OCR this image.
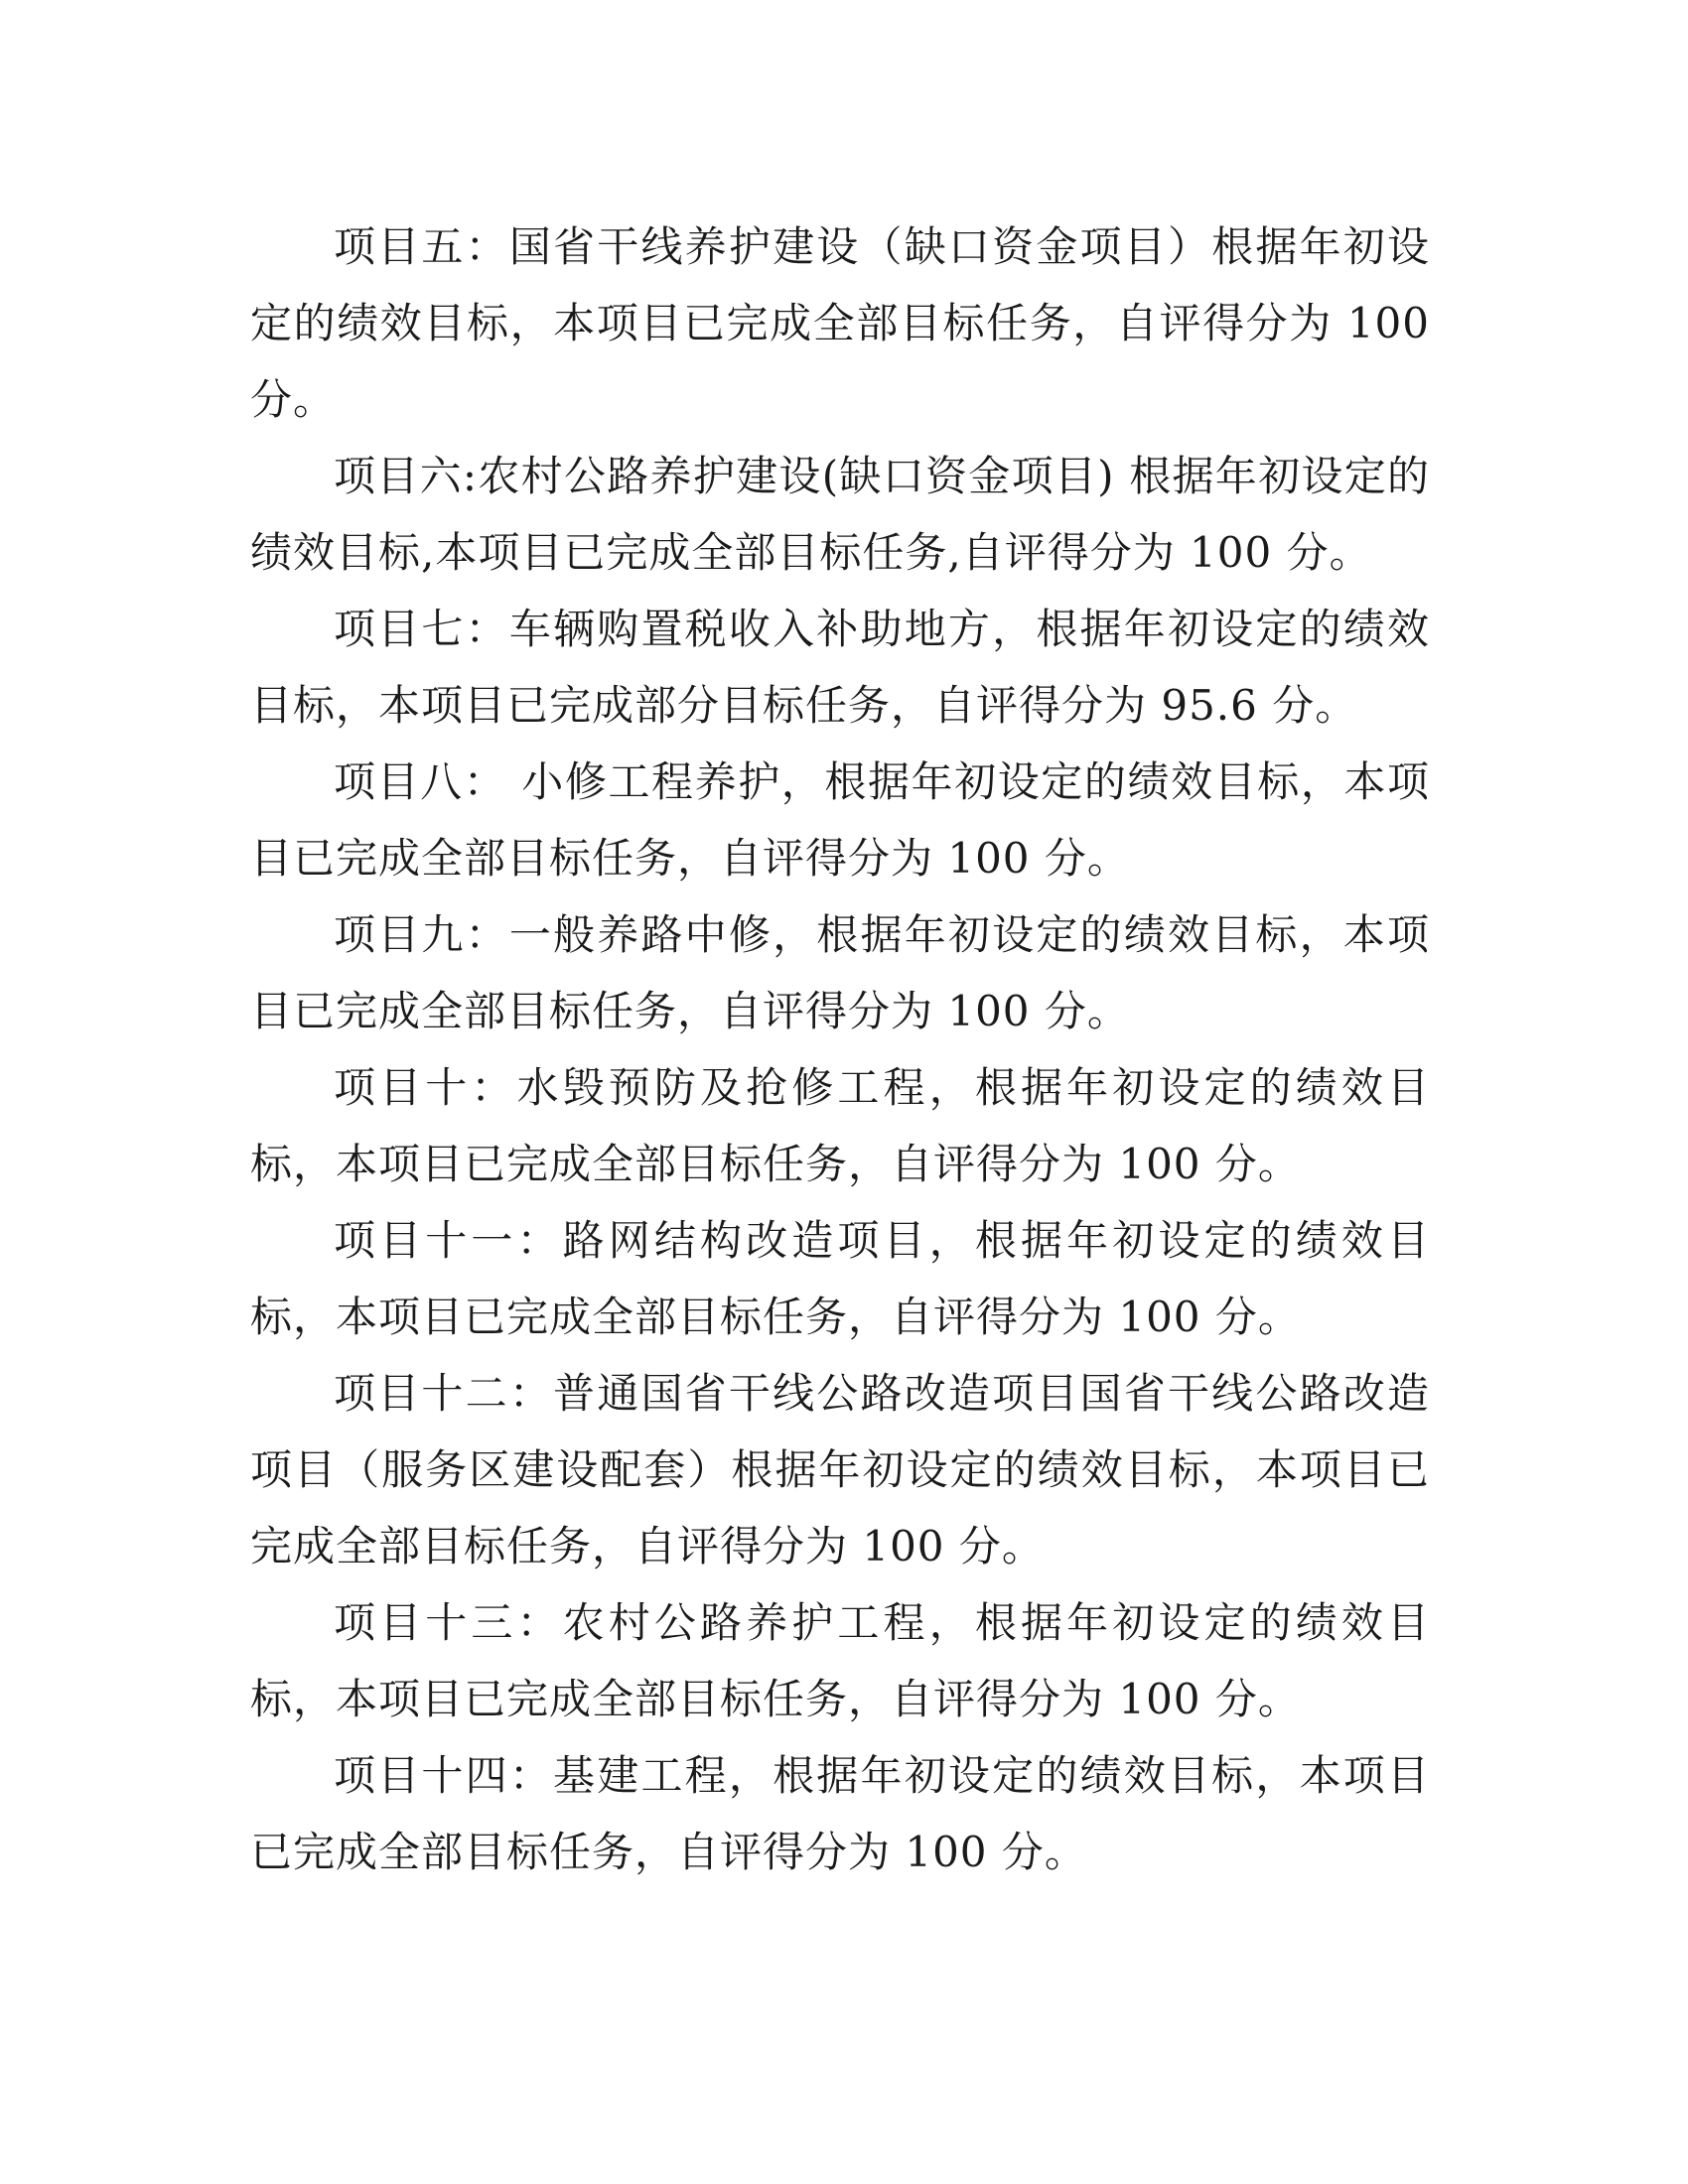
项目五：国省干线养护建设（缺口资金项目）根据年初设定的绩效目标，本项目已完成全部目标任务，自评得分为 100 分。

项目六:农村公路养护建设(缺口资金项目) 根据年初设定的绩效目标,本项目已完成全部目标任务,自评得分为 100 分。

项目七：车辆购置税收入补助地方，根据年初设定的绩效目标，本项目已完成部分目标任务，自评得分为 95.6 分。

项目八： 小修工程养护，根据年初设定的绩效目标，本项目已完成全部目标任务，自评得分为 100 分。

项目九：一般养路中修，根据年初设定的绩效目标，本项目已完成全部目标任务，自评得分为 100 分。

项目十：水毁预防及抢修工程，根据年初设定的绩效目标，本项目已完成全部目标任务，自评得分为 100 分。

项目十一：路网结构改造项目，根据年初设定的绩效目标，本项目已完成全部目标任务，自评得分为 100 分。

项目十二：普通国省干线公路改造项目国省干线公路改造项目（服务区建设配套）根据年初设定的绩效目标，本项目已完成全部目标任务，自评得分为 100 分。

项目十三：农村公路养护工程，根据年初设定的绩效目标，本项目已完成全部目标任务，自评得分为 100 分。

项目十四：基建工程，根据年初设定的绩效目标，本项目已完成全部目标任务，自评得分为 100 分。
